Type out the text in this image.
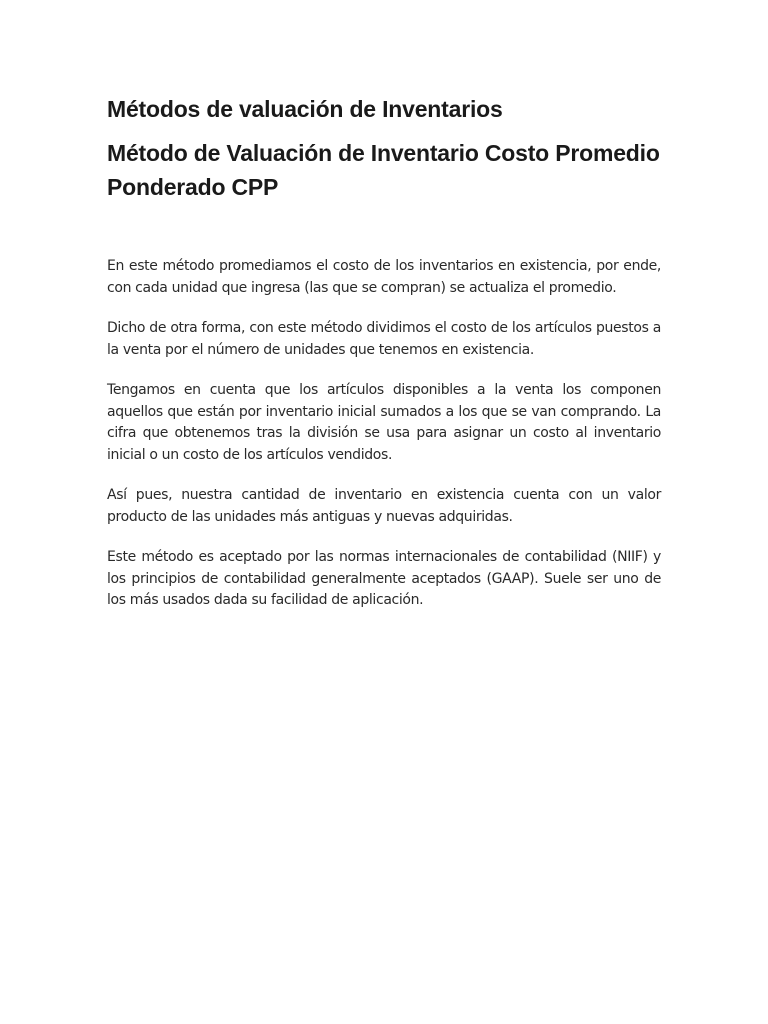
Métodos de valuación de Inventarios
Método de Valuación de Inventario Costo Promedio Ponderado CPP

En este método promediamos el costo de los inventarios en existencia, por ende, con cada unidad que ingresa (las que se compran) se actualiza el promedio.

Dicho de otra forma, con este método dividimos el costo de los artículos puestos a la venta por el número de unidades que tenemos en existencia.

Tengamos en cuenta que los artículos disponibles a la venta los componen aquellos que están por inventario inicial sumados a los que se van comprando. La cifra que obtenemos tras la división se usa para asignar un costo al inventario inicial o un costo de los artículos vendidos.

Así pues, nuestra cantidad de inventario en existencia cuenta con un valor producto de las unidades más antiguas y nuevas adquiridas.

Este método es aceptado por las normas internacionales de contabilidad (NIIF) y los principios de contabilidad generalmente aceptados (GAAP). Suele ser uno de los más usados dada su facilidad de aplicación.
